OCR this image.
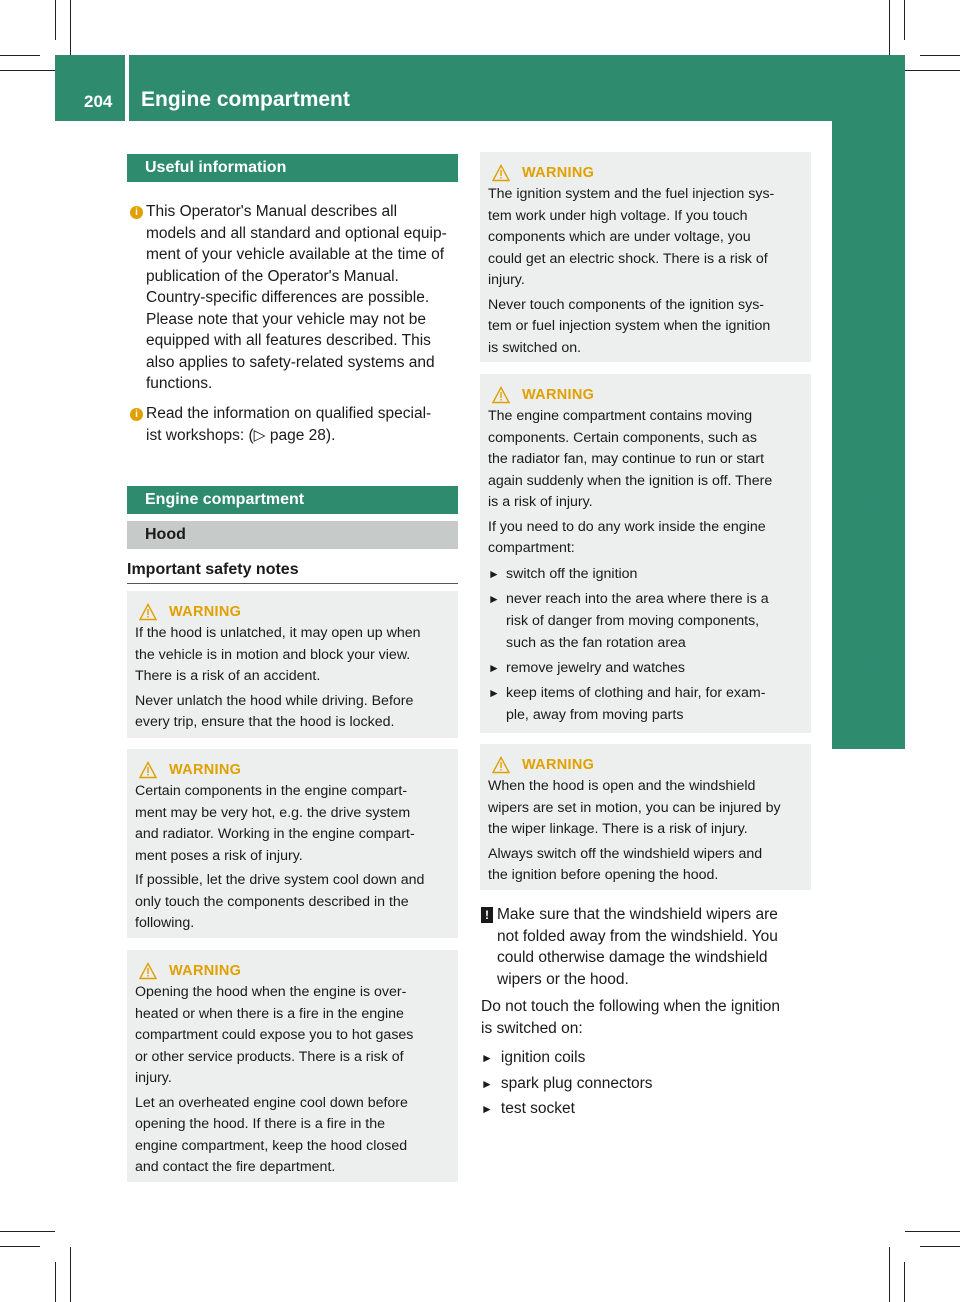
204 Engine compartment
Maintenance and care
Useful information
i This Operator's Manual describes all
models and all standard and optional equip-
ment of your vehicle available at the time of
publication of the Operator's Manual.
Country-specific differences are possible.
Please note that your vehicle may not be
equipped with all features described. This
also applies to safety-related systems and
functions.
i Read the information on qualified special-
ist workshops: (▷ page 28).
Engine compartment
Hood
Important safety notes
WARNING
If the hood is unlatched, it may open up when
the vehicle is in motion and block your view.
There is a risk of an accident.
Never unlatch the hood while driving. Before
every trip, ensure that the hood is locked.
WARNING
Certain components in the engine compart-
ment may be very hot, e.g. the drive system
and radiator. Working in the engine compart-
ment poses a risk of injury.
If possible, let the drive system cool down and
only touch the components described in the
following.
WARNING
Opening the hood when the engine is over-
heated or when there is a fire in the engine
compartment could expose you to hot gases
or other service products. There is a risk of
injury.
Let an overheated engine cool down before
opening the hood. If there is a fire in the
engine compartment, keep the hood closed
and contact the fire department.
WARNING
The ignition system and the fuel injection sys-
tem work under high voltage. If you touch
components which are under voltage, you
could get an electric shock. There is a risk of
injury.
Never touch components of the ignition sys-
tem or fuel injection system when the ignition
is switched on.
WARNING
The engine compartment contains moving
components. Certain components, such as
the radiator fan, may continue to run or start
again suddenly when the ignition is off. There
is a risk of injury.
If you need to do any work inside the engine
compartment:
► switch off the ignition
► never reach into the area where there is a
risk of danger from moving components,
such as the fan rotation area
► remove jewelry and watches
► keep items of clothing and hair, for exam-
ple, away from moving parts
WARNING
When the hood is open and the windshield
wipers are set in motion, you can be injured by
the wiper linkage. There is a risk of injury.
Always switch off the windshield wipers and
the ignition before opening the hood.
! Make sure that the windshield wipers are
not folded away from the windshield. You
could otherwise damage the windshield
wipers or the hood.
Do not touch the following when the ignition
is switched on:
► ignition coils
► spark plug connectors
► test socket
